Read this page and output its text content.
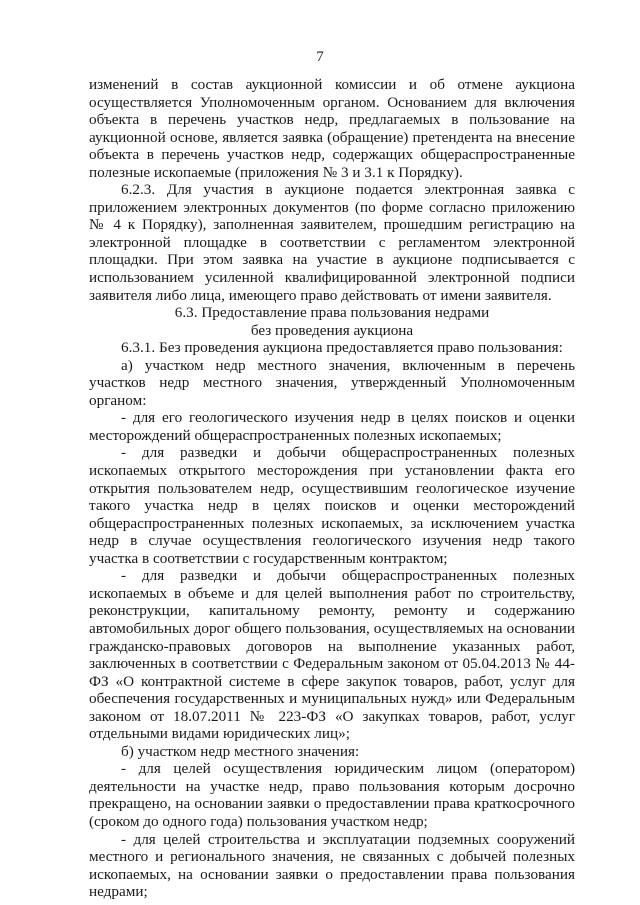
7

изменений в состав аукционной комиссии и об отмене аукциона осуществляется Уполномоченным органом. Основанием для включения объекта в перечень участков недр, предлагаемых в пользование на аукционной основе, является заявка (обращение) претендента на внесение объекта в перечень участков недр, содержащих общераспространенные полезные ископаемые (приложения № 3 и 3.1 к Порядку).

6.2.3. Для участия в аукционе подается электронная заявка с приложением электронных документов (по форме согласно приложению № 4 к Порядку), заполненная заявителем, прошедшим регистрацию на электронной площадке в соответствии с регламентом электронной площадки. При этом заявка на участие в аукционе подписывается с использованием усиленной квалифицированной электронной подписи заявителя либо лица, имеющего право действовать от имени заявителя.

6.3. Предоставление права пользования недрами

без проведения аукциона

6.3.1. Без проведения аукциона предоставляется право пользования:

а) участком недр местного значения, включенным в перечень участков недр местного значения, утвержденный Уполномоченным органом:

- для его геологического изучения недр в целях поисков и оценки месторождений общераспространенных полезных ископаемых;

- для разведки и добычи общераспространенных полезных ископаемых открытого месторождения при установлении факта его открытия пользователем недр, осуществившим геологическое изучение такого участка недр в целях поисков и оценки месторождений общераспространенных полезных ископаемых, за исключением участка недр в случае осуществления геологического изучения недр такого участка в соответствии с государственным контрактом;

- для разведки и добычи общераспространенных полезных ископаемых в объеме и для целей выполнения работ по строительству, реконструкции, капитальному ремонту, ремонту и содержанию автомобильных дорог общего пользования, осуществляемых на основании гражданско-правовых договоров на выполнение указанных работ, заключенных в соответствии с Федеральным законом от 05.04.2013 № 44-ФЗ «О контрактной системе в сфере закупок товаров, работ, услуг для обеспечения государственных и муниципальных нужд» или Федеральным законом от 18.07.2011 № 223-ФЗ «О закупках товаров, работ, услуг отдельными видами юридических лиц»;

б) участком недр местного значения:

- для целей осуществления юридическим лицом (оператором) деятельности на участке недр, право пользования которым досрочно прекращено, на основании заявки о предоставлении права краткосрочного (сроком до одного года) пользования участком недр;

- для целей строительства и эксплуатации подземных сооружений местного и регионального значения, не связанных с добычей полезных ископаемых, на основании заявки о предоставлении права пользования недрами;
